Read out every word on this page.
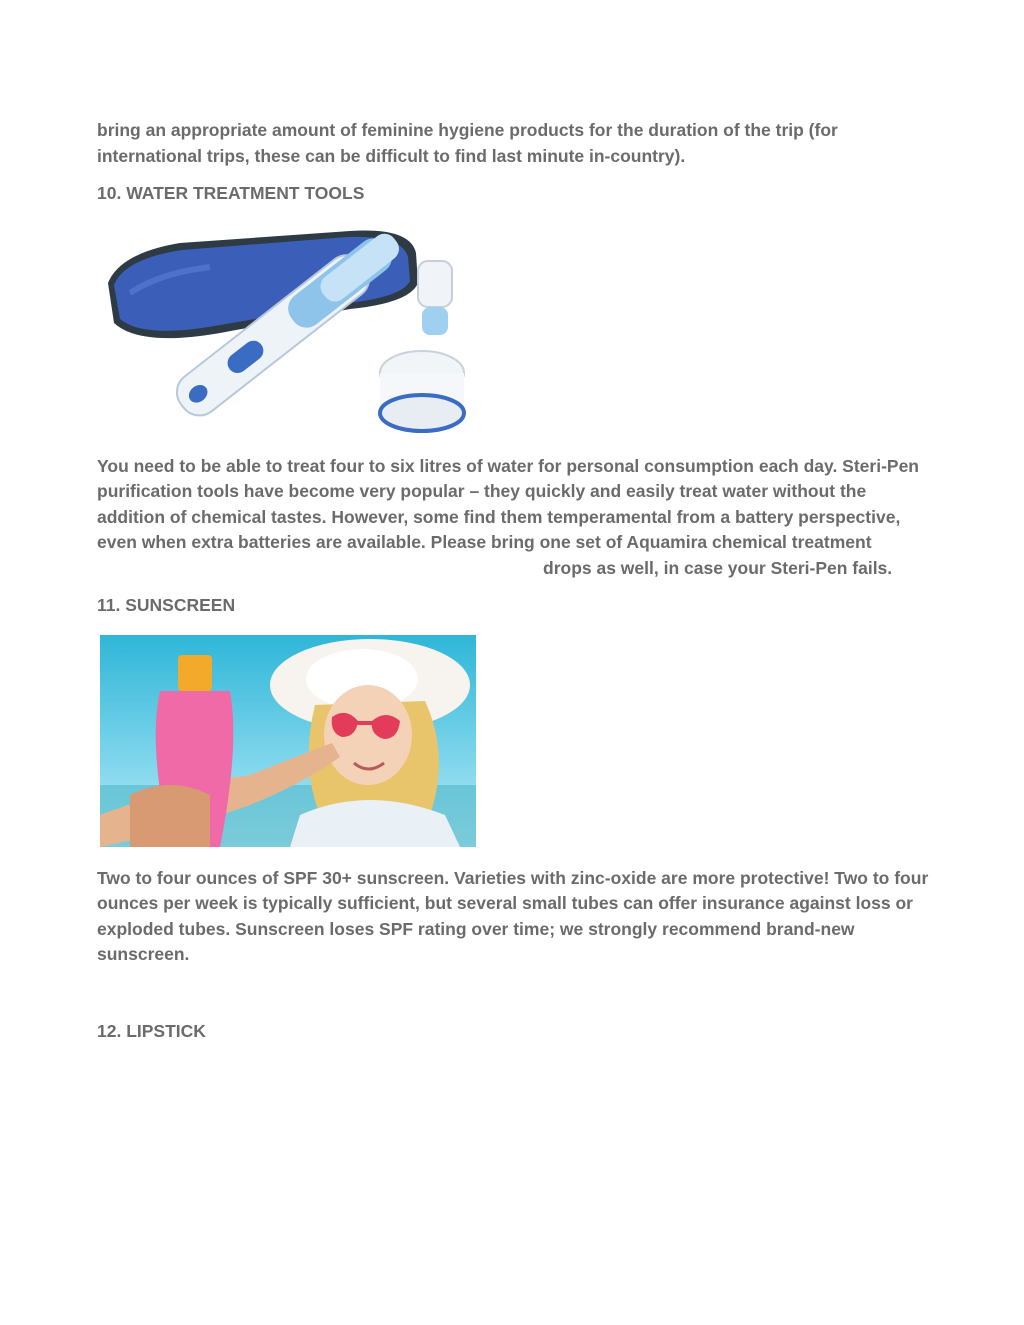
bring an appropriate amount of feminine hygiene products for the duration of the trip (for international trips, these can be difficult to find last minute in-country).

10. WATER TREATMENT TOOLS

You need to be able to treat four to six litres of water for personal consumption each day. Steri-Pen purification tools have become very popular – they quickly and easily treat water without the addition of chemical tastes. However, some find them temperamental from a battery perspective, even when extra batteries are available. Please bring one set of Aquamira chemical treatmentdrops as well, in case your Steri-Pen fails.

11. SUNSCREEN

Two to four ounces of SPF 30+ sunscreen. Varieties with zinc-oxide are more protective! Two to four ounces per week is typically sufficient, but several small tubes can offer insurance against loss or exploded tubes. Sunscreen loses SPF rating over time; we strongly recommend brand-new sunscreen.

12. LIPSTICK
